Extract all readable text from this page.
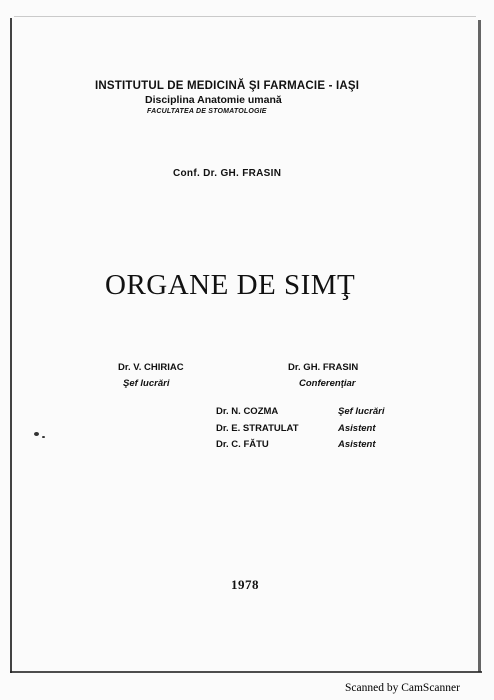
INSTITUTUL DE MEDICINĂ ŞI FARMACIE - IAŞI
Disciplina Anatomie umană
FACULTATEA DE STOMATOLOGIE
Conf. Dr. GH. FRASIN
ORGANE DE SIMŢ
Dr. V. CHIRIAC
Şef lucrări
Dr. GH. FRASIN
Conferenţiar
Dr. N. COZMA	Şef lucrări
Dr. E. STRATULAT	Asistent
Dr. C. FĂTU	Asistent
1978
Scanned by CamScanner
